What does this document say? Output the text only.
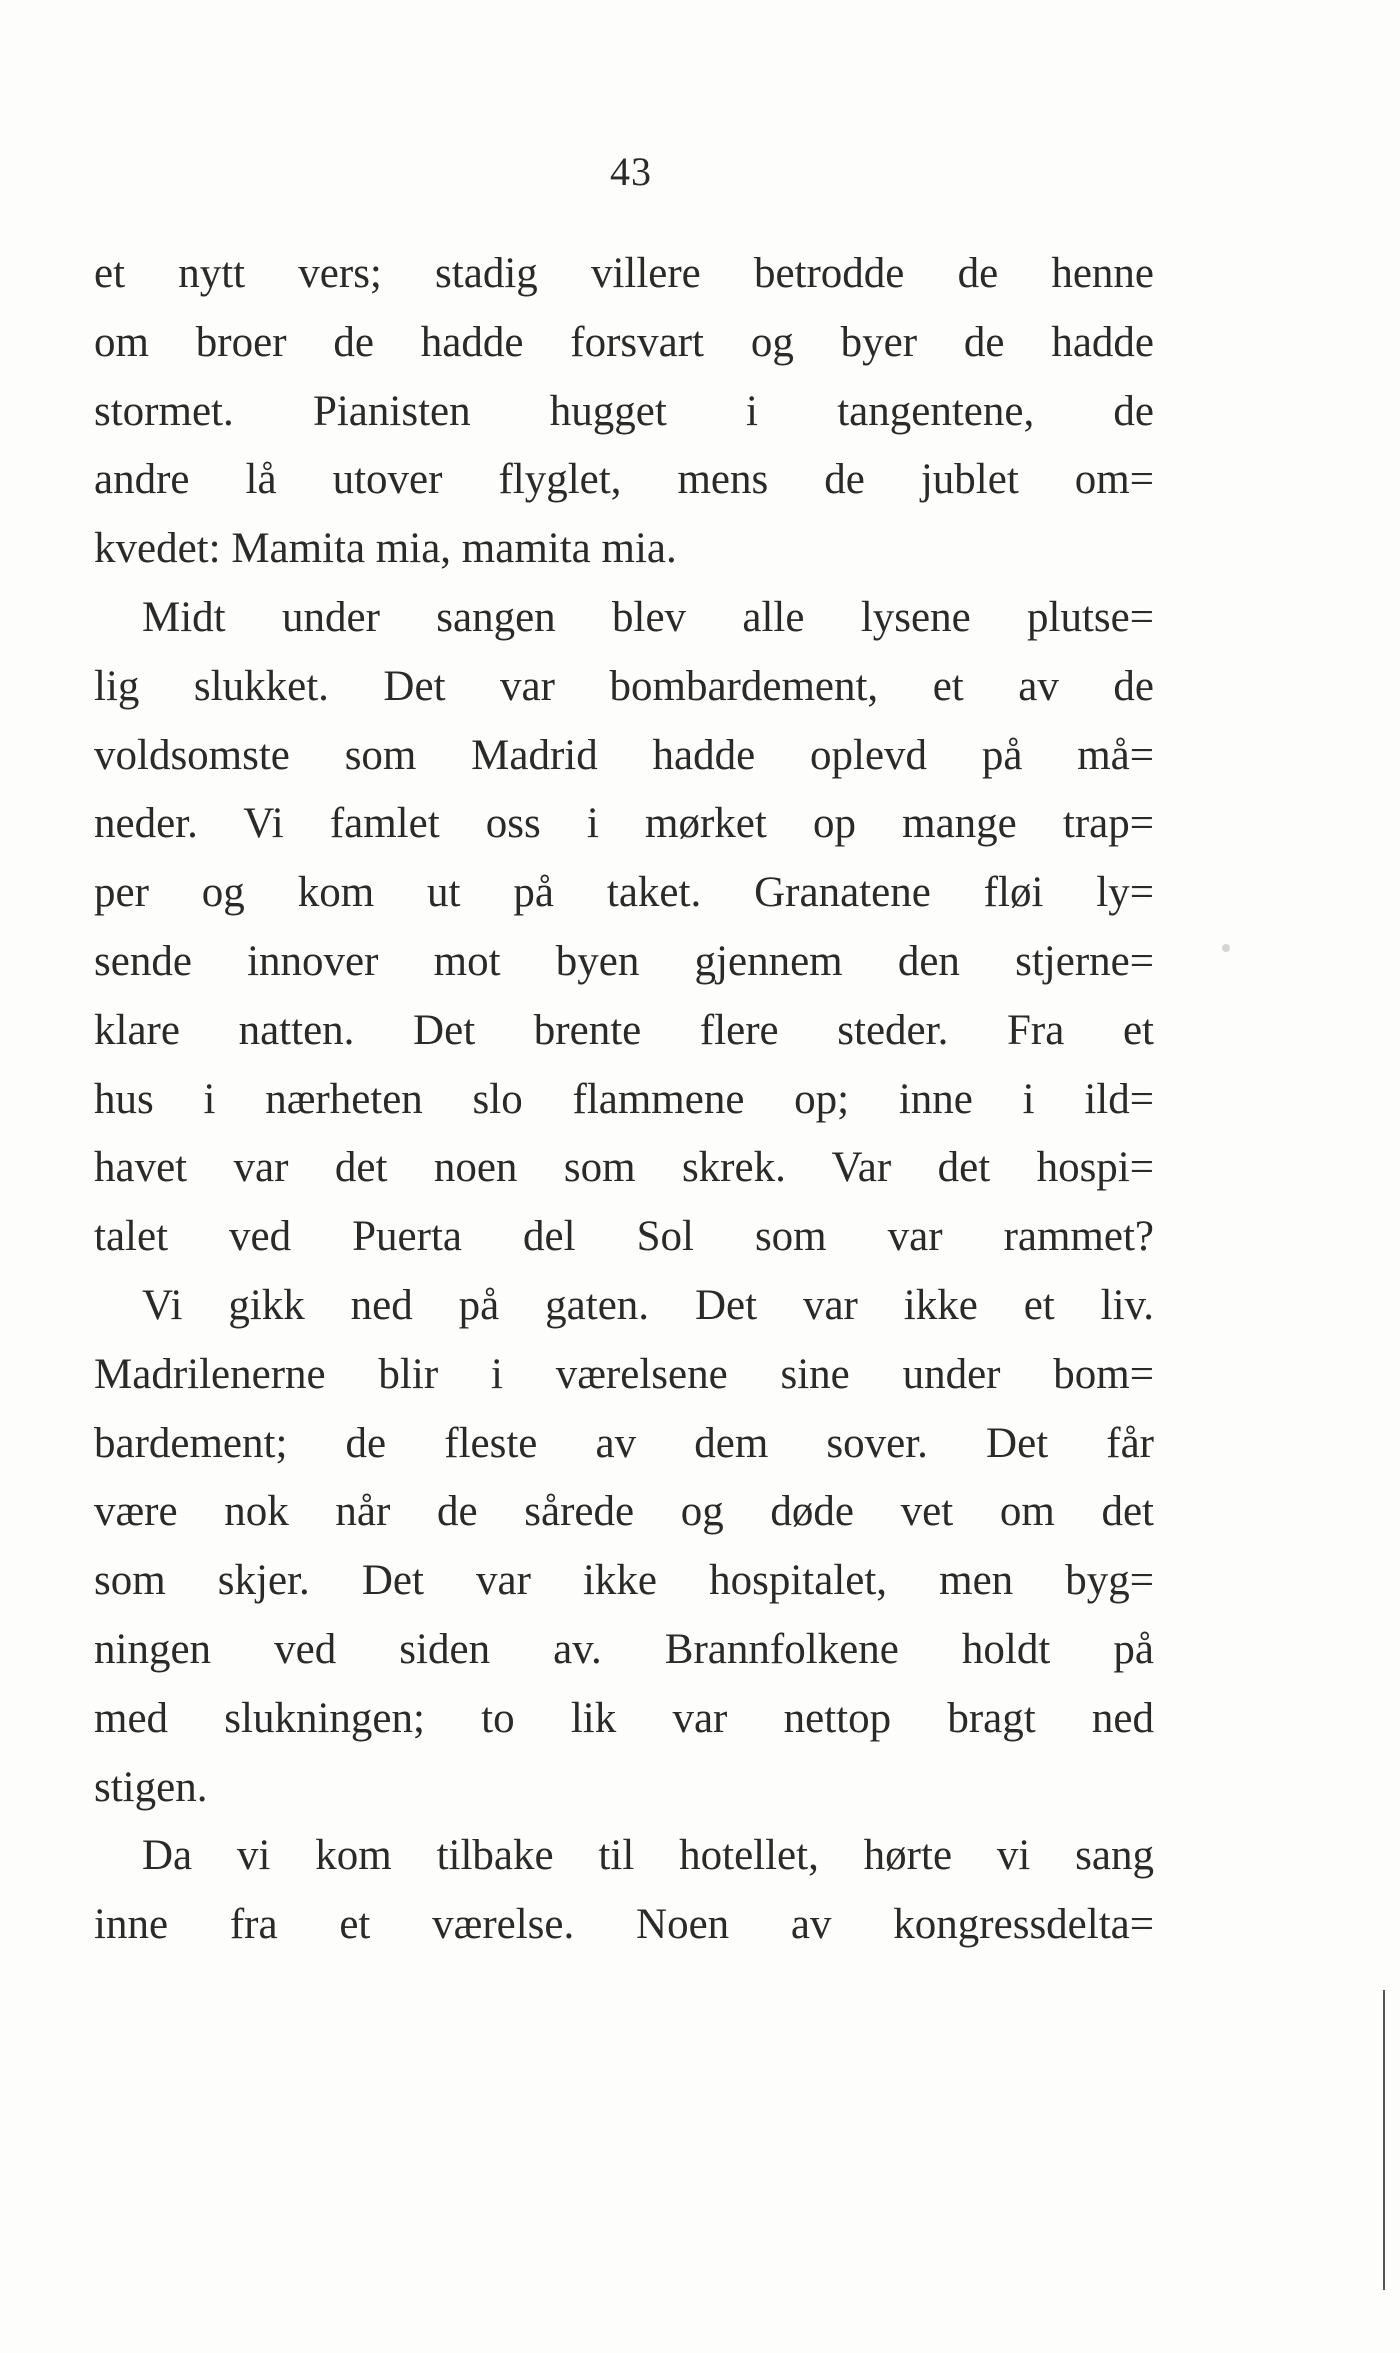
43
et nytt vers; stadig villere betrodde de henne
om broer de hadde forsvart og byer de hadde
stormet. Pianisten hugget i tangentene, de
andre lå utover flyglet, mens de jublet om=
kvedet: Mamita mia, mamita mia.
Midt under sangen blev alle lysene plutse=
lig slukket. Det var bombardement, et av de
voldsomste som Madrid hadde oplevd på må=
neder. Vi famlet oss i mørket op mange trap=
per og kom ut på taket. Granatene fløi ly=
sende innover mot byen gjennem den stjerne=
klare natten. Det brente flere steder. Fra et
hus i nærheten slo flammene op; inne i ild=
havet var det noen som skrek. Var det hospi=
talet ved Puerta del Sol som var rammet?
Vi gikk ned på gaten. Det var ikke et liv.
Madrilenerne blir i værelsene sine under bom=
bardement; de fleste av dem sover. Det får
være nok når de sårede og døde vet om det
som skjer. Det var ikke hospitalet, men byg=
ningen ved siden av. Brannfolkene holdt på
med slukningen; to lik var nettop bragt ned
stigen.
Da vi kom tilbake til hotellet, hørte vi sang
inne fra et værelse. Noen av kongressdelta=
